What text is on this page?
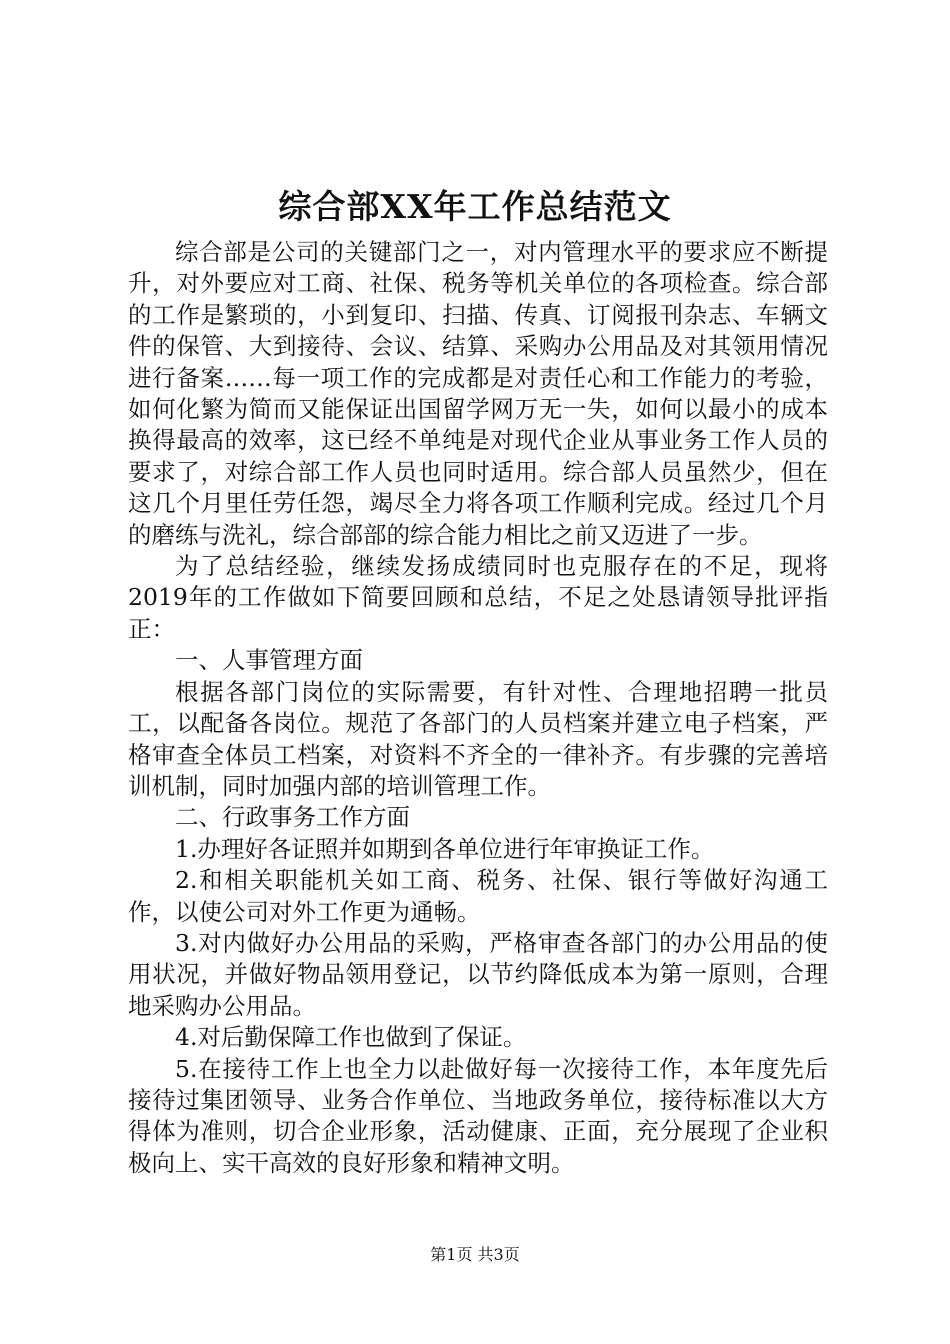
综合部XX年工作总结范文

综合部是公司的关键部门之一，对内管理水平的要求应不断提升，对外要应对工商、社保、税务等机关单位的各项检查。综合部的工作是繁琐的，小到复印、扫描、传真、订阅报刊杂志、车辆文件的保管、大到接待、会议、结算、采购办公用品及对其领用情况进行备案……每一项工作的完成都是对责任心和工作能力的考验，如何化繁为简而又能保证出国留学网万无一失，如何以最小的成本换得最高的效率，这已经不单纯是对现代企业从事业务工作人员的要求了，对综合部工作人员也同时适用。综合部人员虽然少，但在这几个月里任劳任怨，竭尽全力将各项工作顺利完成。经过几个月的磨练与洗礼，综合部部的综合能力相比之前又迈进了一步。

为了总结经验，继续发扬成绩同时也克服存在的不足，现将2019年的工作做如下简要回顾和总结，不足之处恳请领导批评指正：

一、人事管理方面

根据各部门岗位的实际需要，有针对性、合理地招聘一批员工，以配备各岗位。规范了各部门的人员档案并建立电子档案，严格审查全体员工档案，对资料不齐全的一律补齐。有步骤的完善培训机制，同时加强内部的培训管理工作。

二、行政事务工作方面

1.办理好各证照并如期到各单位进行年审换证工作。

2.和相关职能机关如工商、税务、社保、银行等做好沟通工作，以使公司对外工作更为通畅。

3.对内做好办公用品的采购，严格审查各部门的办公用品的使用状况，并做好物品领用登记，以节约降低成本为第一原则，合理地采购办公用品。

4.对后勤保障工作也做到了保证。

5.在接待工作上也全力以赴做好每一次接待工作，本年度先后接待过集团领导、业务合作单位、当地政务单位，接待标准以大方得体为准则，切合企业形象，活动健康、正面，充分展现了企业积极向上、实干高效的良好形象和精神文明。

第1页 共3页
